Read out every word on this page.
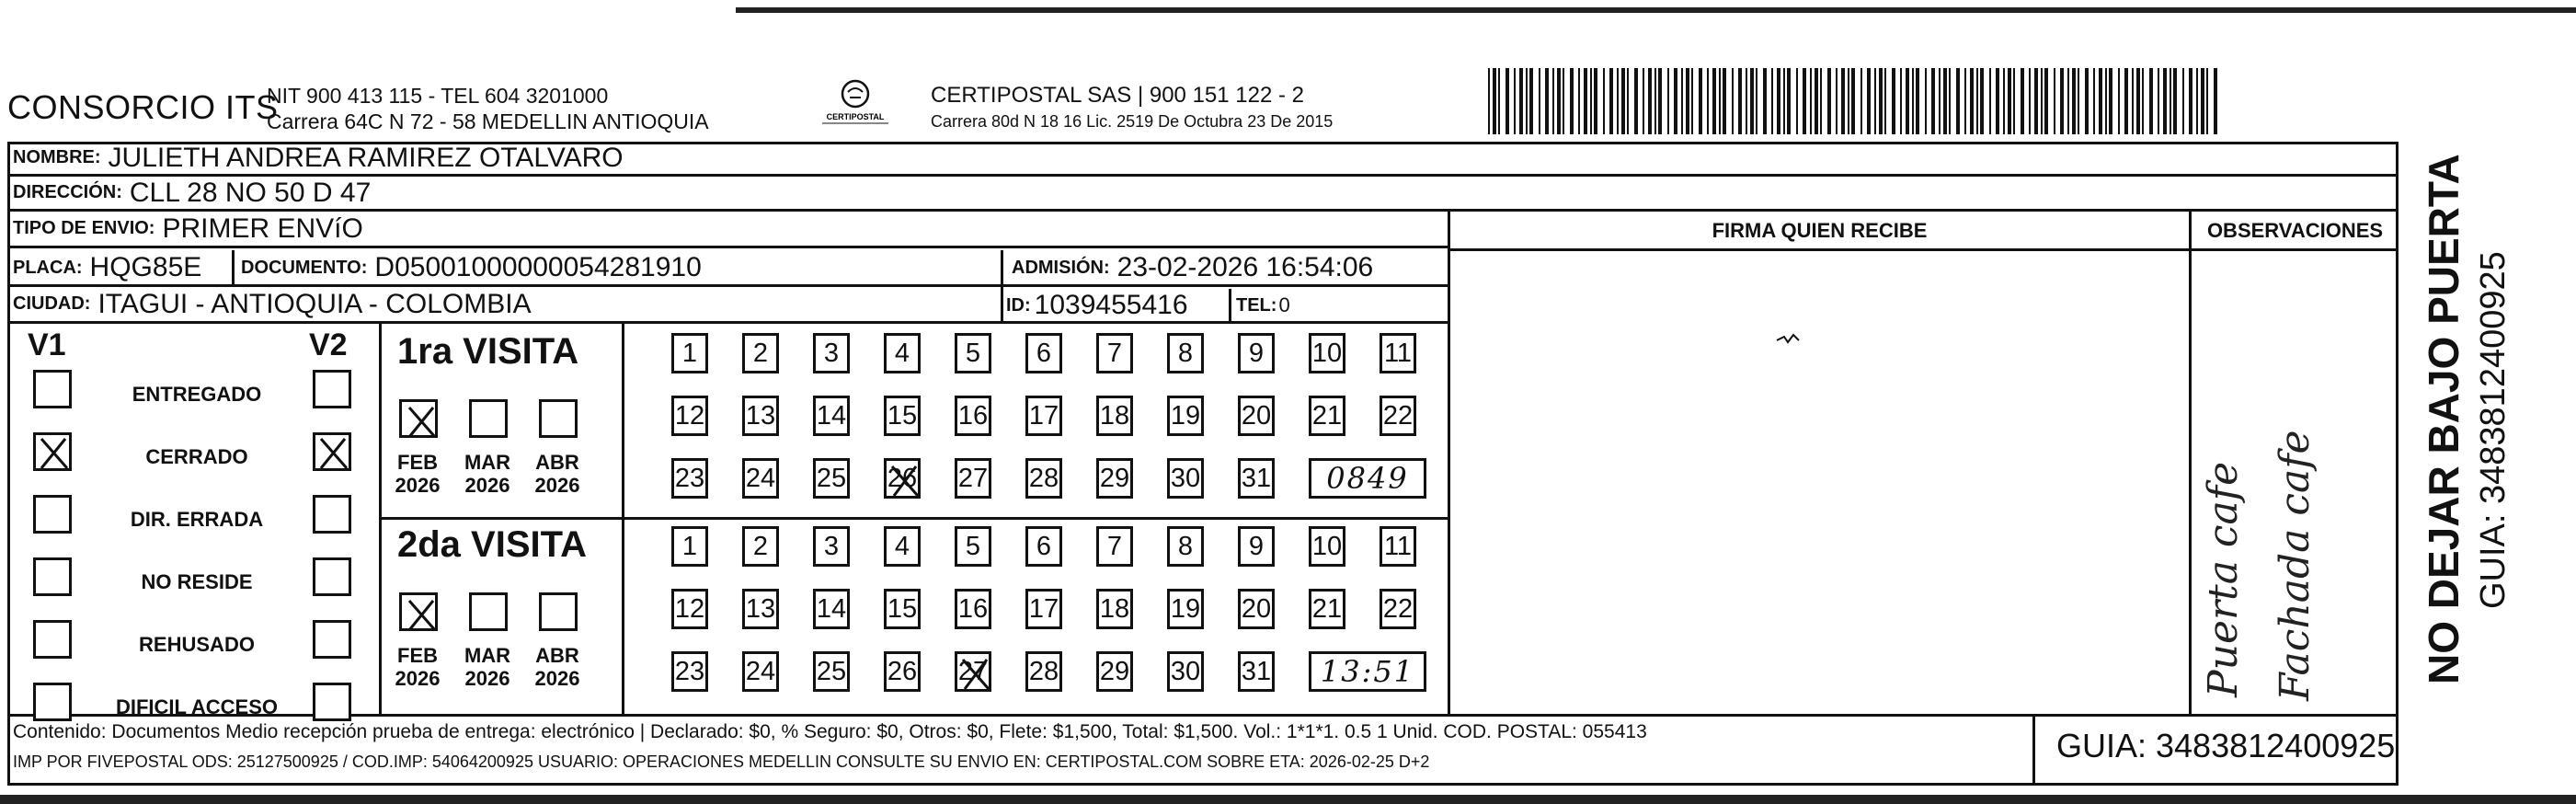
CONSORCIO ITS
NIT 900 413 115 - TEL 604 3201000
Carrera 64C N 72 - 58 MEDELLIN ANTIOQUIA	CERTIPOSTAL
CERTIPOSTAL SAS | 900 151 122 - 2
Carrera 80d N 18 16 Lic. 2519 De Octubra 23 De 2015
NOMBRE: JULIETH ANDREA RAMIREZ OTALVARO
DIRECCIÓN: CLL 28 NO 50 D 47
TIPO DE ENVIO: PRIMER ENVíO
PLACA: HQG85E DOCUMENTO: D05001000000054281910	ADMISIÓN: 23-02-2026 16:54:06
CIUDAD: ITAGUI - ANTIOQUIA - COLOMBIA	ID: 1039455416	TEL: 0
FIRMA QUIEN RECIBE	OBSERVACIONES
Puerta cafe Fachada cafe
V1	V2
ENTREGADO
CERRADO
DIR. ERRADA
NO RESIDE
REHUSADO
DIFICIL ACCESO
1ra VISITA
2da VISITA
FEB
2026
MAR
2026
ABR
2026
1	2	3	4	5	6	7	8	9	10 11
12 13 14 15 16 17 18 19 20 21 22
23 24 25 26 27 28 29 30 31	0849
FEB
2026
MAR
2026
ABR
2026
1	2	3	4	5	6	7	8	9	10 11
12 13 14 15 16 17 18 19 20 21 22
23 24 25 26 27 28 29 30 31	13:51	NO DEJAR BAJO PUERTA GUIA: 3483812400925
Contenido: Documentos Medio recepción prueba de entrega: electrónico | Declarado: $0, % Seguro: $0, Otros: $0, Flete: $1,500, Total: $1,500. Vol.: 1*1*1. 0.5 1 Unid. COD. POSTAL: 055413
IMP POR FIVEPOSTAL ODS: 25127500925 / COD.IMP: 54064200925 USUARIO: OPERACIONES MEDELLIN CONSULTE SU ENVIO EN: CERTIPOSTAL.COM SOBRE ETA: 2026-02-25 D+2	GUIA: 3483812400925
